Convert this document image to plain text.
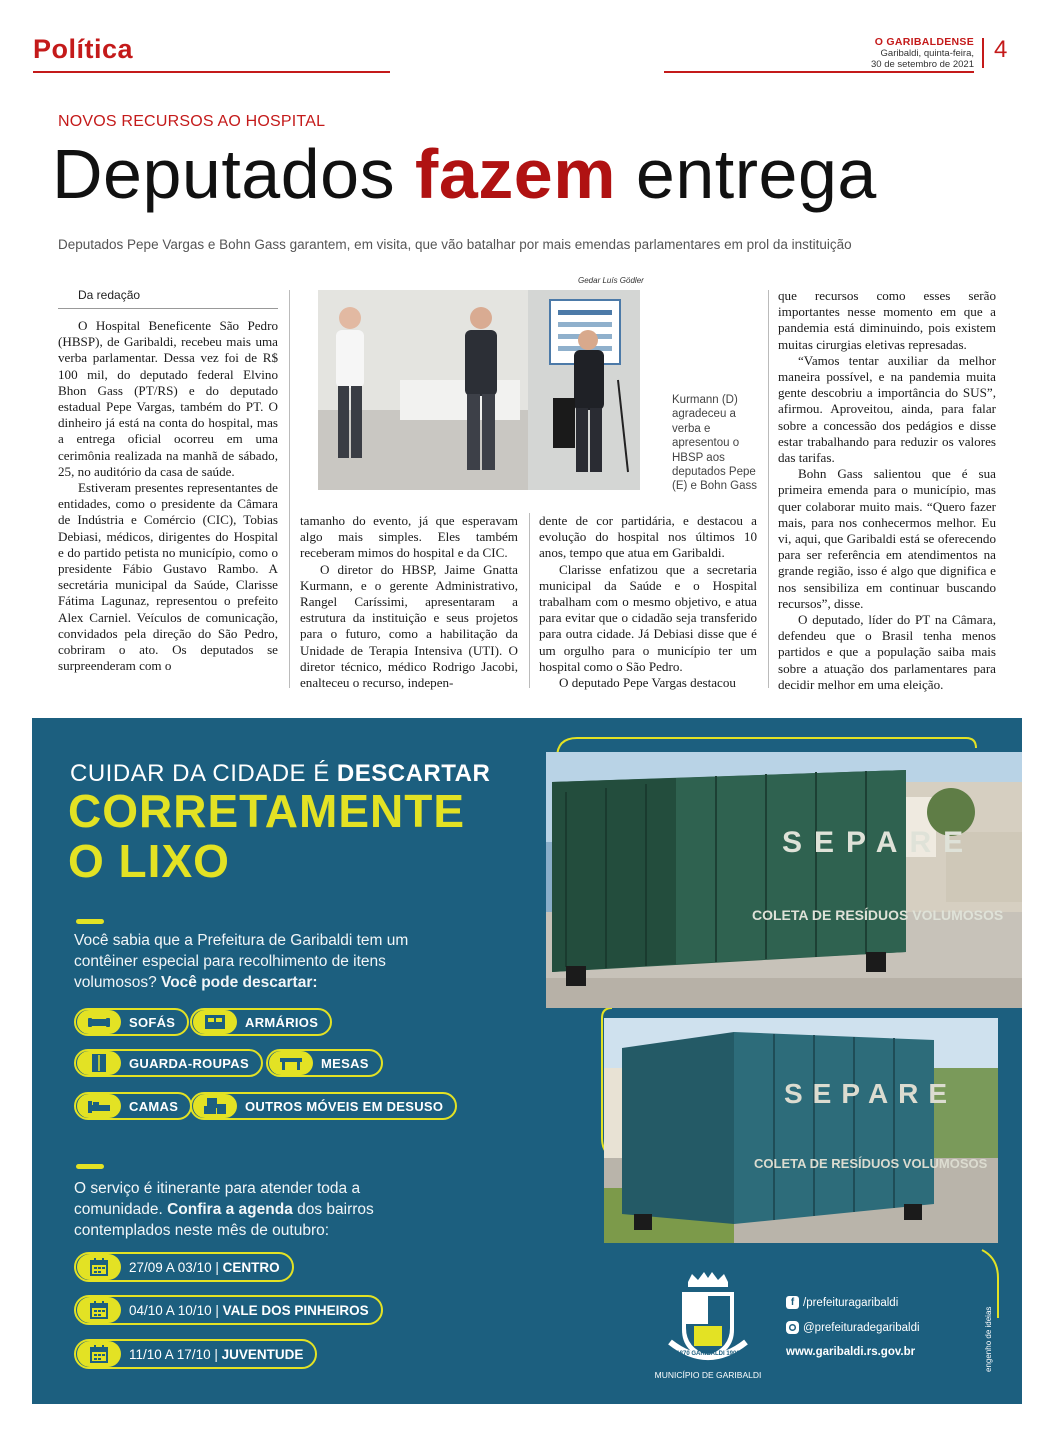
Política	O GARIBALDENSE
Garibaldi, quinta-feira,
30 de setembro de 2021
4
NOVOS RECURSOS AO HOSPITAL
Deputados fazem entrega
Deputados Pepe Vargas e Bohn Gass garantem, em visita, que vão batalhar por mais emendas parlamentares em prol da instituição
Da redação

O Hospital Beneficente São Pedro (HBSP), de Garibaldi, recebeu mais uma verba parlamentar. Dessa vez foi de R$ 100 mil, do deputado federal Elvino Bhon Gass (PT/RS) e do deputado estadual Pepe Vargas, também do PT. O dinheiro já está na conta do hospital, mas a entrega oficial ocorreu em uma cerimônia realizada na manhã de sábado, 25, no auditório da casa de saúde.

Estiveram presentes representantes de entidades, como o presidente da Câmara de Indústria e Comércio (CIC), Tobias Debiasi, médicos, dirigentes do Hospital e do partido petista no município, como o presidente Fábio Gustavo Rambo. A secretária municipal da Saúde, Clarisse Fátima Lagunaz, representou o prefeito Alex Carniel. Veículos de comunicação, convidados pela direção do São Pedro, cobriram o ato. Os deputados se surpreenderam com o

Gedar Luís Gödler
Kurmann (D) agradeceu a verba e apresentou o HBSP aos deputados Pepe (E) e Bohn Gass

tamanho do evento, já que esperavam algo mais simples. Eles também receberam mimos do hospital e da CIC.

O diretor do HBSP, Jaime Gnatta Kurmann, e o gerente Administrativo, Rangel Caríssimi, apresentaram a estrutura da instituição e seus projetos para o futuro, como a habilitação da Unidade de Terapia Intensiva (UTI). O diretor técnico, médico Rodrigo Jacobi, enalteceu o recurso, indepen-

dente de cor partidária, e destacou a evolução do hospital nos últimos 10 anos, tempo que atua em Garibaldi.

Clarisse enfatizou que a secretaria municipal da Saúde e o Hospital trabalham com o mesmo objetivo, e atua para evitar que o cidadão seja transferido para outra cidade. Já Debiasi disse que é um orgulho para o município ter um hospital como o São Pedro.

O deputado Pepe Vargas destacou

que recursos como esses serão importantes nesse momento em que a pandemia está diminuindo, pois existem muitas cirurgias eletivas represadas.

“Vamos tentar auxiliar da melhor maneira possível, e na pandemia muita gente descobriu a importância do SUS”, afirmou. Aproveitou, ainda, para falar sobre a concessão dos pedágios e disse estar trabalhando para reduzir os valores das tarifas.

Bohn Gass salientou que é sua primeira emenda para o município, mas quer colaborar muito mais. “Quero fazer mais, para nos conhecermos melhor. Eu vi, aqui, que Garibaldi está se oferecendo para ser referência em atendimentos na grande região, isso é algo que dignifica e nos sensibiliza em continuar buscando recursos”, disse.

O deputado, líder do PT na Câmara, defendeu que o Brasil tenha menos partidos e que a população saiba mais sobre a atuação dos parlamentares para decidir melhor em uma eleição.

CUIDAR DA CIDADE É DESCARTAR
CORRETAMENTE
O LIXO
Você sabia que a Prefeitura de Garibaldi tem um contêiner especial para recolhimento de itens volumosos? Você pode descartar:
SOFÁS	ARMÁRIOS
GUARDA-ROUPAS	MESAS
CAMAS	OUTROS MÓVEIS EM DESUSO
O serviço é itinerante para atender toda a comunidade. Confira a agenda dos bairros contemplados neste mês de outubro:
27/09 A 03/10 | CENTRO
04/10 A 10/10 | VALE DOS PINHEIROS
11/10 A 17/10 | JUVENTUDE
SEPARE
COLETA DE RESÍDUOS VOLUMOSOS
SEPARE
COLETA DE RESÍDUOS VOLUMOSOS
1870 GARIBALDI 1900
MUNICÍPIO DE GARIBALDI
f /prefeituragaribaldi
@prefeituradegaribaldi
www.garibaldi.rs.gov.br	engenho de ideias
